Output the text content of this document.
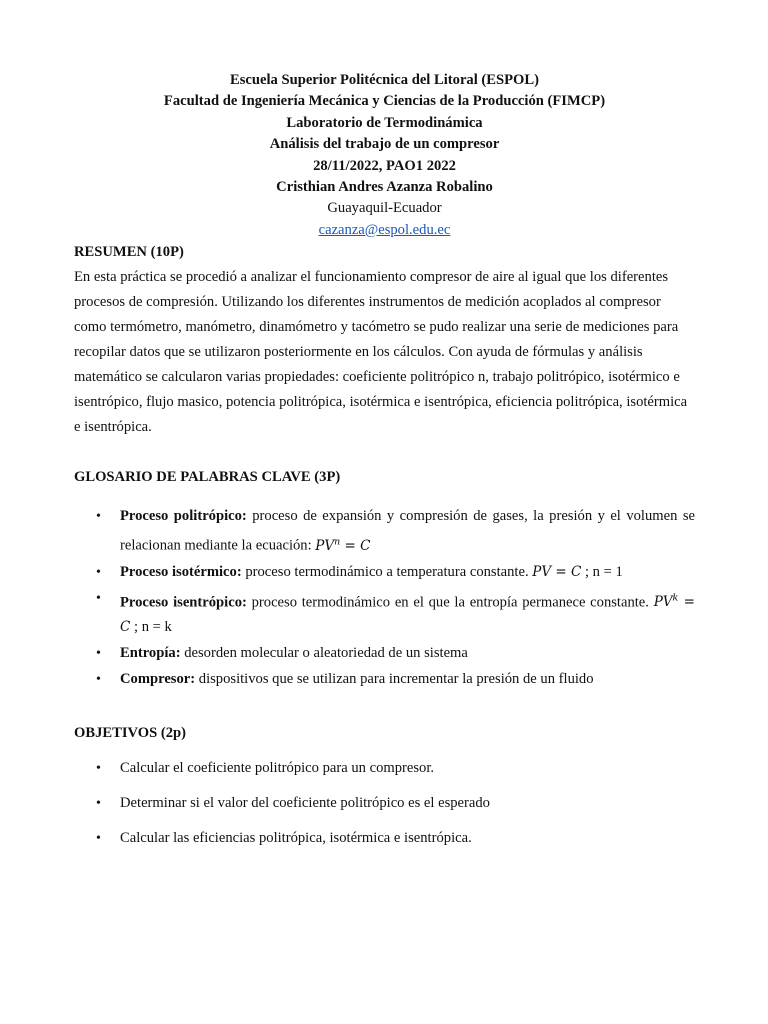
Escuela Superior Politécnica del Litoral (ESPOL)
Facultad de Ingeniería Mecánica y Ciencias de la Producción (FIMCP)
Laboratorio de Termodinámica
Análisis del trabajo de un compresor
28/11/2022, PAO1 2022
Cristhian Andres Azanza Robalino
Guayaquil-Ecuador
cazanza@espol.edu.ec

RESUMEN (10P)

En esta práctica se procedió a analizar el funcionamiento compresor de aire al igual que los diferentes procesos de compresión. Utilizando los diferentes instrumentos de medición acoplados al compresor como termómetro, manómetro, dinamómetro y tacómetro se pudo realizar una serie de mediciones para recopilar datos que se utilizaron posteriormente en los cálculos. Con ayuda de fórmulas y análisis matemático se calcularon varias propiedades: coeficiente politrópico n, trabajo politrópico, isotérmico e isentrópico, flujo masico, potencia politrópica, isotérmica e isentrópica, eficiencia politrópica, isotérmica e isentrópica.

GLOSARIO DE PALABRAS CLAVE (3P)

• Proceso politrópico: proceso de expansión y compresión de gases, la presión y el volumen se relacionan mediante la ecuación: $PV^n = C$
• Proceso isotérmico: proceso termodinámico a temperatura constante. PV = C ; n = 1
• Proceso isentrópico: proceso termodinámico en el que la entropía permanece constante. $PV^k = C$ ; n = k
• Entropía: desorden molecular o aleatoriedad de un sistema
• Compresor: dispositivos que se utilizan para incrementar la presión de un fluido

OBJETIVOS (2p)

• Calcular el coeficiente politrópico para un compresor.
• Determinar si el valor del coeficiente politrópico es el esperado
• Calcular las eficiencias politrópica, isotérmica e isentrópica.
